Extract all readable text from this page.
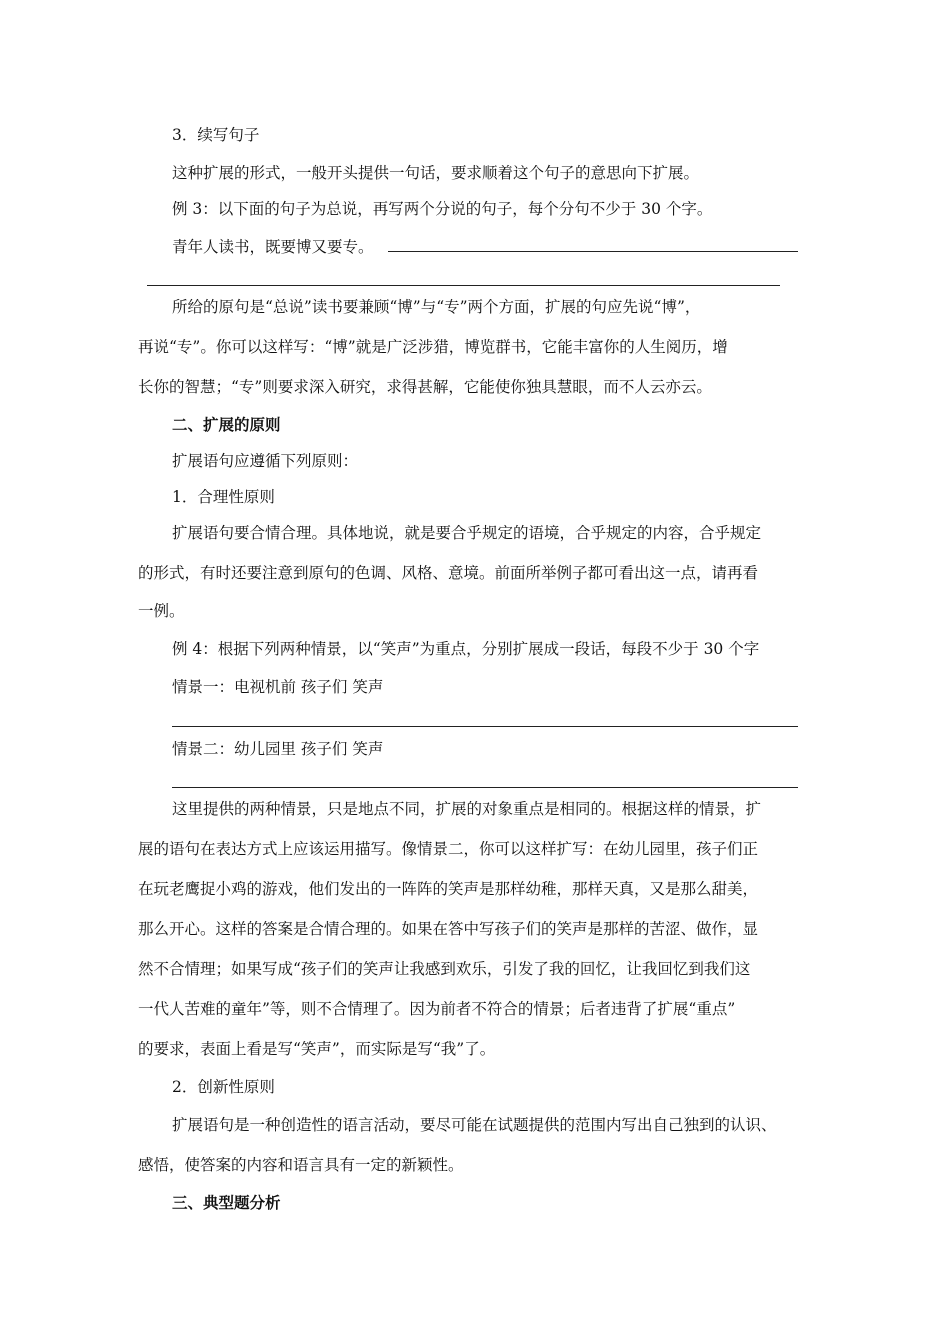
3．续写句子
这种扩展的形式，一般开头提供一句话，要求顺着这个句子的意思向下扩展。
例 3：以下面的句子为总说，再写两个分说的句子，每个分句不少于 30 个字。
青年人读书，既要博又要专。
所给的原句是“总说”读书要兼顾“博”与“专”两个方面，扩展的句应先说“博”，
再说“专”。你可以这样写：“博”就是广泛涉猎，博览群书，它能丰富你的人生阅历，增
长你的智慧；“专”则要求深入研究，求得甚解，它能使你独具慧眼，而不人云亦云。
二、扩展的原则
扩展语句应遵循下列原则：
1．合理性原则
扩展语句要合情合理。具体地说，就是要合乎规定的语境，合乎规定的内容，合乎规定
的形式，有时还要注意到原句的色调、风格、意境。前面所举例子都可看出这一点，请再看
一例。
例 4：根据下列两种情景，以“笑声”为重点，分别扩展成一段话，每段不少于 30 个字
情景一：电视机前 孩子们 笑声
情景二：幼儿园里 孩子们 笑声
这里提供的两种情景，只是地点不同，扩展的对象重点是相同的。根据这样的情景，扩
展的语句在表达方式上应该运用描写。像情景二，你可以这样扩写：在幼儿园里，孩子们正
在玩老鹰捉小鸡的游戏，他们发出的一阵阵的笑声是那样幼稚，那样天真，又是那么甜美，
那么开心。这样的答案是合情合理的。如果在答中写孩子们的笑声是那样的苦涩、做作，显
然不合情理；如果写成“孩子们的笑声让我感到欢乐，引发了我的回忆，让我回忆到我们这
一代人苦难的童年”等，则不合情理了。因为前者不符合的情景；后者违背了扩展“重点”
的要求，表面上看是写“笑声”，而实际是写“我”了。
2．创新性原则
扩展语句是一种创造性的语言活动，要尽可能在试题提供的范围内写出自己独到的认识、
感悟，使答案的内容和语言具有一定的新颖性。
三、典型题分析
